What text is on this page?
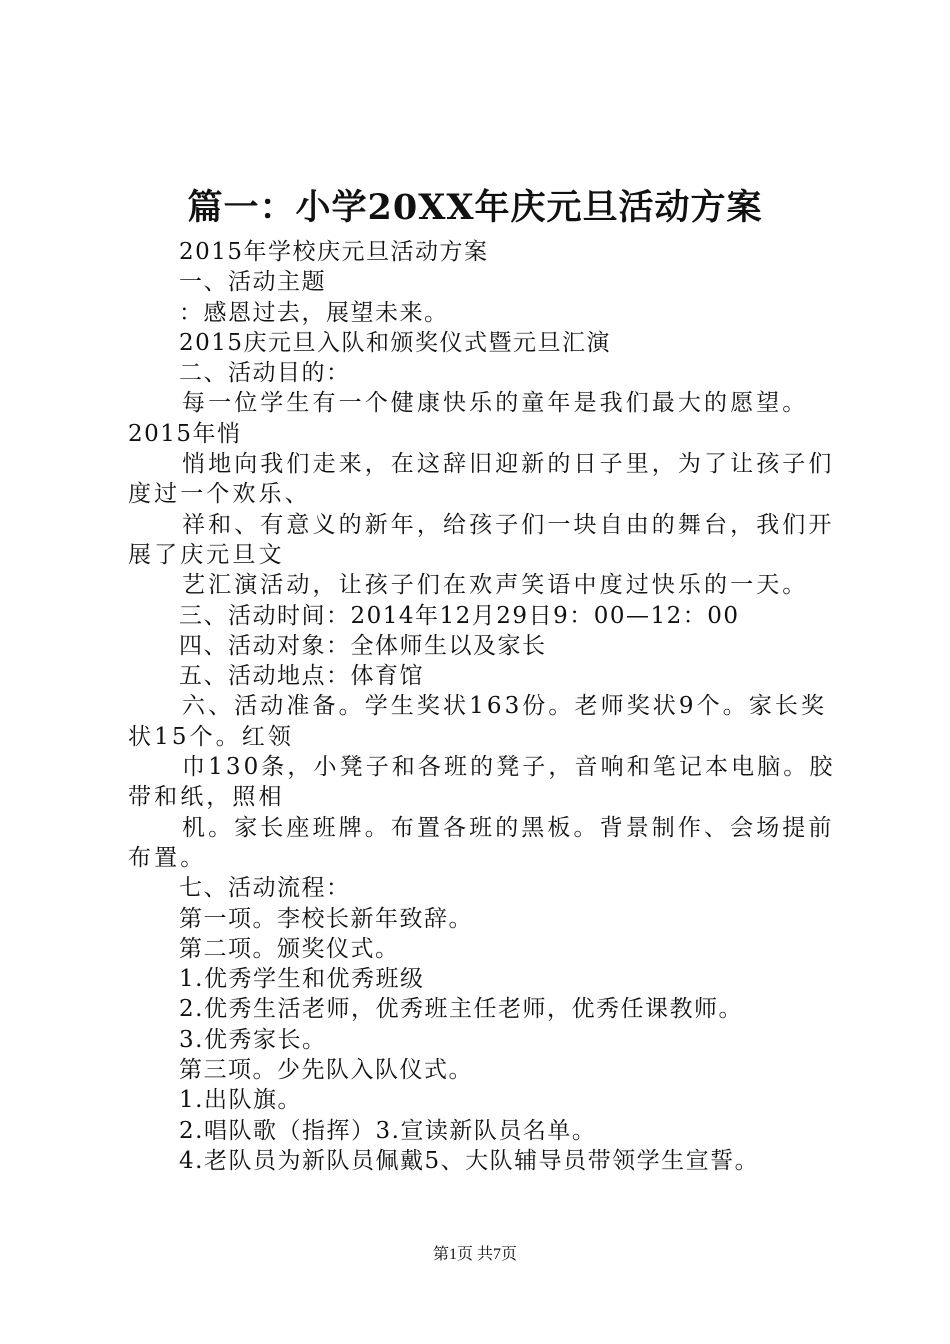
篇一：小学20XX年庆元旦活动方案
2015年学校庆元旦活动方案
一、活动主题
：感恩过去，展望未来。
2015庆元旦入队和颁奖仪式暨元旦汇演
二、活动目的：
每一位学生有一个健康快乐的童年是我们最大的愿望。
2015年悄
悄地向我们走来，在这辞旧迎新的日子里，为了让孩子们
度过一个欢乐、
祥和、有意义的新年，给孩子们一块自由的舞台，我们开
展了庆元旦文
艺汇演活动，让孩子们在欢声笑语中度过快乐的一天。
三、活动时间：2014年12月29日9：00—12：00
四、活动对象：全体师生以及家长
五、活动地点：体育馆
六、活动准备。学生奖状163份。老师奖状9个。家长奖
状15个。红领
巾130条，小凳子和各班的凳子，音响和笔记本电脑。胶
带和纸，照相
机。家长座班牌。布置各班的黑板。背景制作、会场提前
布置。
七、活动流程：
第一项。李校长新年致辞。
第二项。颁奖仪式。
1.优秀学生和优秀班级
2.优秀生活老师，优秀班主任老师，优秀任课教师。
3.优秀家长。
第三项。少先队入队仪式。
1.出队旗。
2.唱队歌（指挥）3.宣读新队员名单。
4.老队员为新队员佩戴5、大队辅导员带领学生宣誓。
第1页 共7页
